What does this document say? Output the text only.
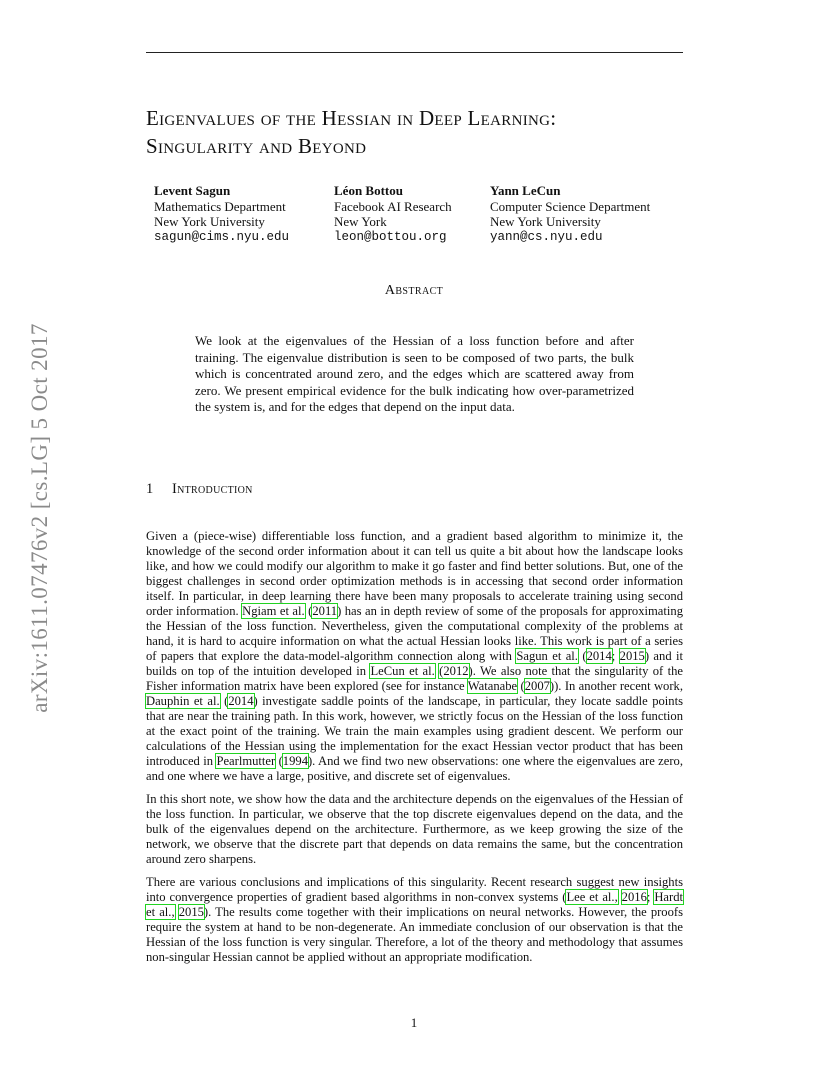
arXiv:1611.07476v2 [cs.LG] 5 Oct 2017
Eigenvalues of the Hessian in Deep Learning:
Singularity and Beyond
Levent Sagun
Mathematics Department
New York University
sagun@cims.nyu.edu
Léon Bottou
Facebook AI Research
New York
leon@bottou.org
Yann LeCun
Computer Science Department
New York University
yann@cs.nyu.edu
Abstract
We look at the eigenvalues of the Hessian of a loss function before and after training. The eigenvalue distribution is seen to be composed of two parts, the bulk which is concentrated around zero, and the edges which are scattered away from zero. We present empirical evidence for the bulk indicating how over-parametrized the system is, and for the edges that depend on the input data.
1 Introduction

Given a (piece-wise) differentiable loss function, and a gradient based algorithm to minimize it, the knowledge of the second order information about it can tell us quite a bit about how the landscape looks like, and how we could modify our algorithm to make it go faster and find better solutions. But, one of the biggest challenges in second order optimization methods is in accessing that second order information itself. In particular, in deep learning there have been many proposals to accelerate training using second order information. Ngiam et al. (2011) has an in depth review of some of the proposals for approximating the Hessian of the loss function. Nevertheless, given the computational complexity of the problems at hand, it is hard to acquire information on what the actual Hessian looks like. This work is part of a series of papers that explore the data-model-algorithm connection along with Sagun et al. (2014; 2015) and it builds on top of the intuition developed in LeCun et al. (2012). We also note that the singularity of the Fisher information matrix have been explored (see for instance Watanabe (2007)). In another recent work, Dauphin et al. (2014) investigate saddle points of the landscape, in particular, they locate saddle points that are near the training path. In this work, however, we strictly focus on the Hessian of the loss function at the exact point of the training. We train the main examples using gradient descent. We perform our calculations of the Hessian using the implementation for the exact Hessian vector product that has been introduced in Pearlmutter (1994). And we find two new observations: one where the eigenvalues are zero, and one where we have a large, positive, and discrete set of eigenvalues.

In this short note, we show how the data and the architecture depends on the eigenvalues of the Hessian of the loss function. In particular, we observe that the top discrete eigenvalues depend on the data, and the bulk of the eigenvalues depend on the architecture. Furthermore, as we keep growing the size of the network, we observe that the discrete part that depends on data remains the same, but the concentration around zero sharpens.

There are various conclusions and implications of this singularity. Recent research suggest new insights into convergence properties of gradient based algorithms in non-convex systems (Lee et al., 2016; Hardt et al., 2015). The results come together with their implications on neural networks. However, the proofs require the system at hand to be non-degenerate. An immediate conclusion of our observation is that the Hessian of the loss function is very singular. Therefore, a lot of the theory and methodology that assumes non-singular Hessian cannot be applied without an appropriate modification.

1
